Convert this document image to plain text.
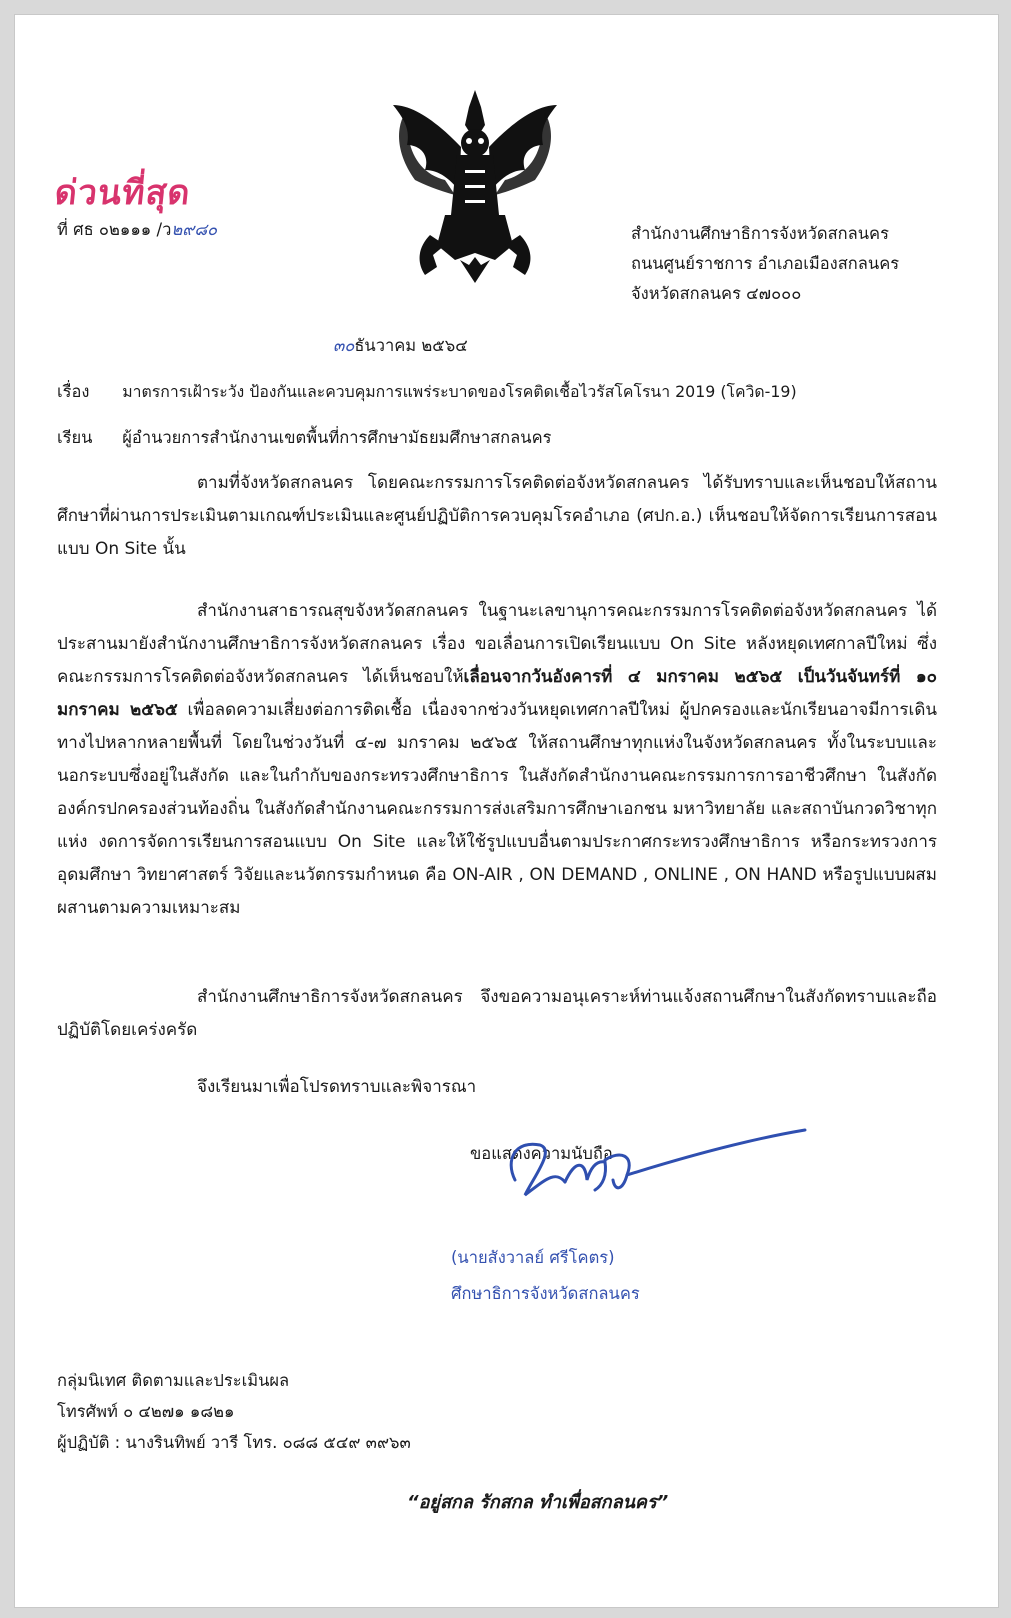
ด่วนที่สุด
ที่ ศธ ๐๒๑๑๑ /ว๒๙๘๐	สำนักงานศึกษาธิการจังหวัดสกลนคร
ถนนศูนย์ราชการ อำเภอเมืองสกลนคร
จังหวัดสกลนคร ๔๗๐๐๐
๓๐ธันวาคม ๒๕๖๔
เรื่อง มาตรการเฝ้าระวัง ป้องกันและควบคุมการแพร่ระบาดของโรคติดเชื้อไวรัสโคโรนา 2019 (โควิด-19)
เรียน ผู้อำนวยการสำนักงานเขตพื้นที่การศึกษามัธยมศึกษาสกลนคร
ตามที่จังหวัดสกลนคร โดยคณะกรรมการโรคติดต่อจังหวัดสกลนคร ได้รับทราบและเห็นชอบให้สถานศึกษาที่ผ่านการประเมินตามเกณฑ์ประเมินและศูนย์ปฏิบัติการควบคุมโรคอำเภอ (ศปก.อ.) เห็นชอบให้จัดการเรียนการสอนแบบ On Site นั้น
สำนักงานสาธารณสุขจังหวัดสกลนคร ในฐานะเลขานุการคณะกรรมการโรคติดต่อจังหวัดสกลนคร ได้ประสานมายังสำนักงานศึกษาธิการจังหวัดสกลนคร เรื่อง ขอเลื่อนการเปิดเรียนแบบ On Site หลังหยุดเทศกาลปีใหม่ ซึ่งคณะกรรมการโรคติดต่อจังหวัดสกลนคร ได้เห็นชอบให้เลื่อนจากวันอังคารที่ ๔ มกราคม ๒๕๖๕ เป็นวันจันทร์ที่ ๑๐ มกราคม ๒๕๖๕ เพื่อลดความเสี่ยงต่อการติดเชื้อ เนื่องจากช่วงวันหยุดเทศกาลปีใหม่ ผู้ปกครองและนักเรียนอาจมีการเดินทางไปหลากหลายพื้นที่ โดยในช่วงวันที่ ๔-๗ มกราคม ๒๕๖๕ ให้สถานศึกษาทุกแห่งในจังหวัดสกลนคร ทั้งในระบบและนอกระบบซึ่งอยู่ในสังกัด และในกำกับของกระทรวงศึกษาธิการ ในสังกัดสำนักงานคณะกรรมการการอาชีวศึกษา ในสังกัดองค์กรปกครองส่วนท้องถิ่น ในสังกัดสำนักงานคณะกรรมการส่งเสริมการศึกษาเอกชน มหาวิทยาลัย และสถาบันกวดวิชาทุกแห่ง งดการจัดการเรียนการสอนแบบ On Site และให้ใช้รูปแบบอื่นตามประกาศกระทรวงศึกษาธิการ หรือกระทรวงการอุดมศึกษา วิทยาศาสตร์ วิจัยและนวัตกรรมกำหนด คือ ON-AIR , ON DEMAND , ONLINE , ON HAND หรือรูปแบบผสมผสานตามความเหมาะสม
สำนักงานศึกษาธิการจังหวัดสกลนคร จึงขอความอนุเคราะห์ท่านแจ้งสถานศึกษาในสังกัดทราบและถือปฏิบัติโดยเคร่งครัด
จึงเรียนมาเพื่อโปรดทราบและพิจารณา
ขอแสดงความนับถือ
(นายสังวาลย์ ศรีโคตร)
ศึกษาธิการจังหวัดสกลนคร
กลุ่มนิเทศ ติดตามและประเมินผล
โทรศัพท์ ๐ ๔๒๗๑ ๑๘๒๑
ผู้ปฏิบัติ : นางรินทิพย์ วารี โทร. ๐๘๘ ๕๔๙ ๓๙๖๓
“อยู่สกล รักสกล ทำเพื่อสกลนคร”
